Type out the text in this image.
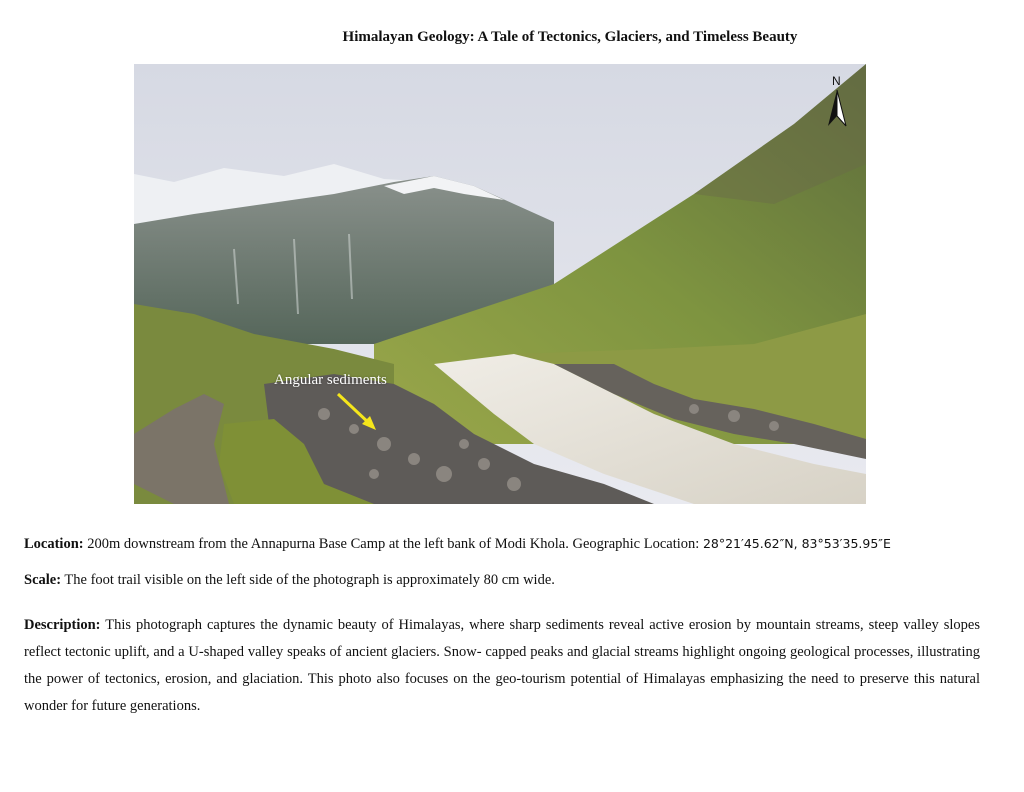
Himalayan Geology: A Tale of Tectonics, Glaciers, and Timeless Beauty
Angular sediments
N
Location: 200m downstream from the Annapurna Base Camp at the left bank of Modi Khola. Geographic Location: 28°21′45.62″N, 83°53′35.95″E
Scale: The foot trail visible on the left side of the photograph is approximately 80 cm wide.
Description: This photograph captures the dynamic beauty of Himalayas, where sharp sediments reveal active erosion by mountain streams, steep valley slopes reflect tectonic uplift, and a U-shaped valley speaks of ancient glaciers. Snow- capped peaks and glacial streams highlight ongoing geological processes, illustrating the power of tectonics, erosion, and glaciation. This photo also focuses on the geo-tourism potential of Himalayas emphasizing the need to preserve this natural wonder for future generations.
